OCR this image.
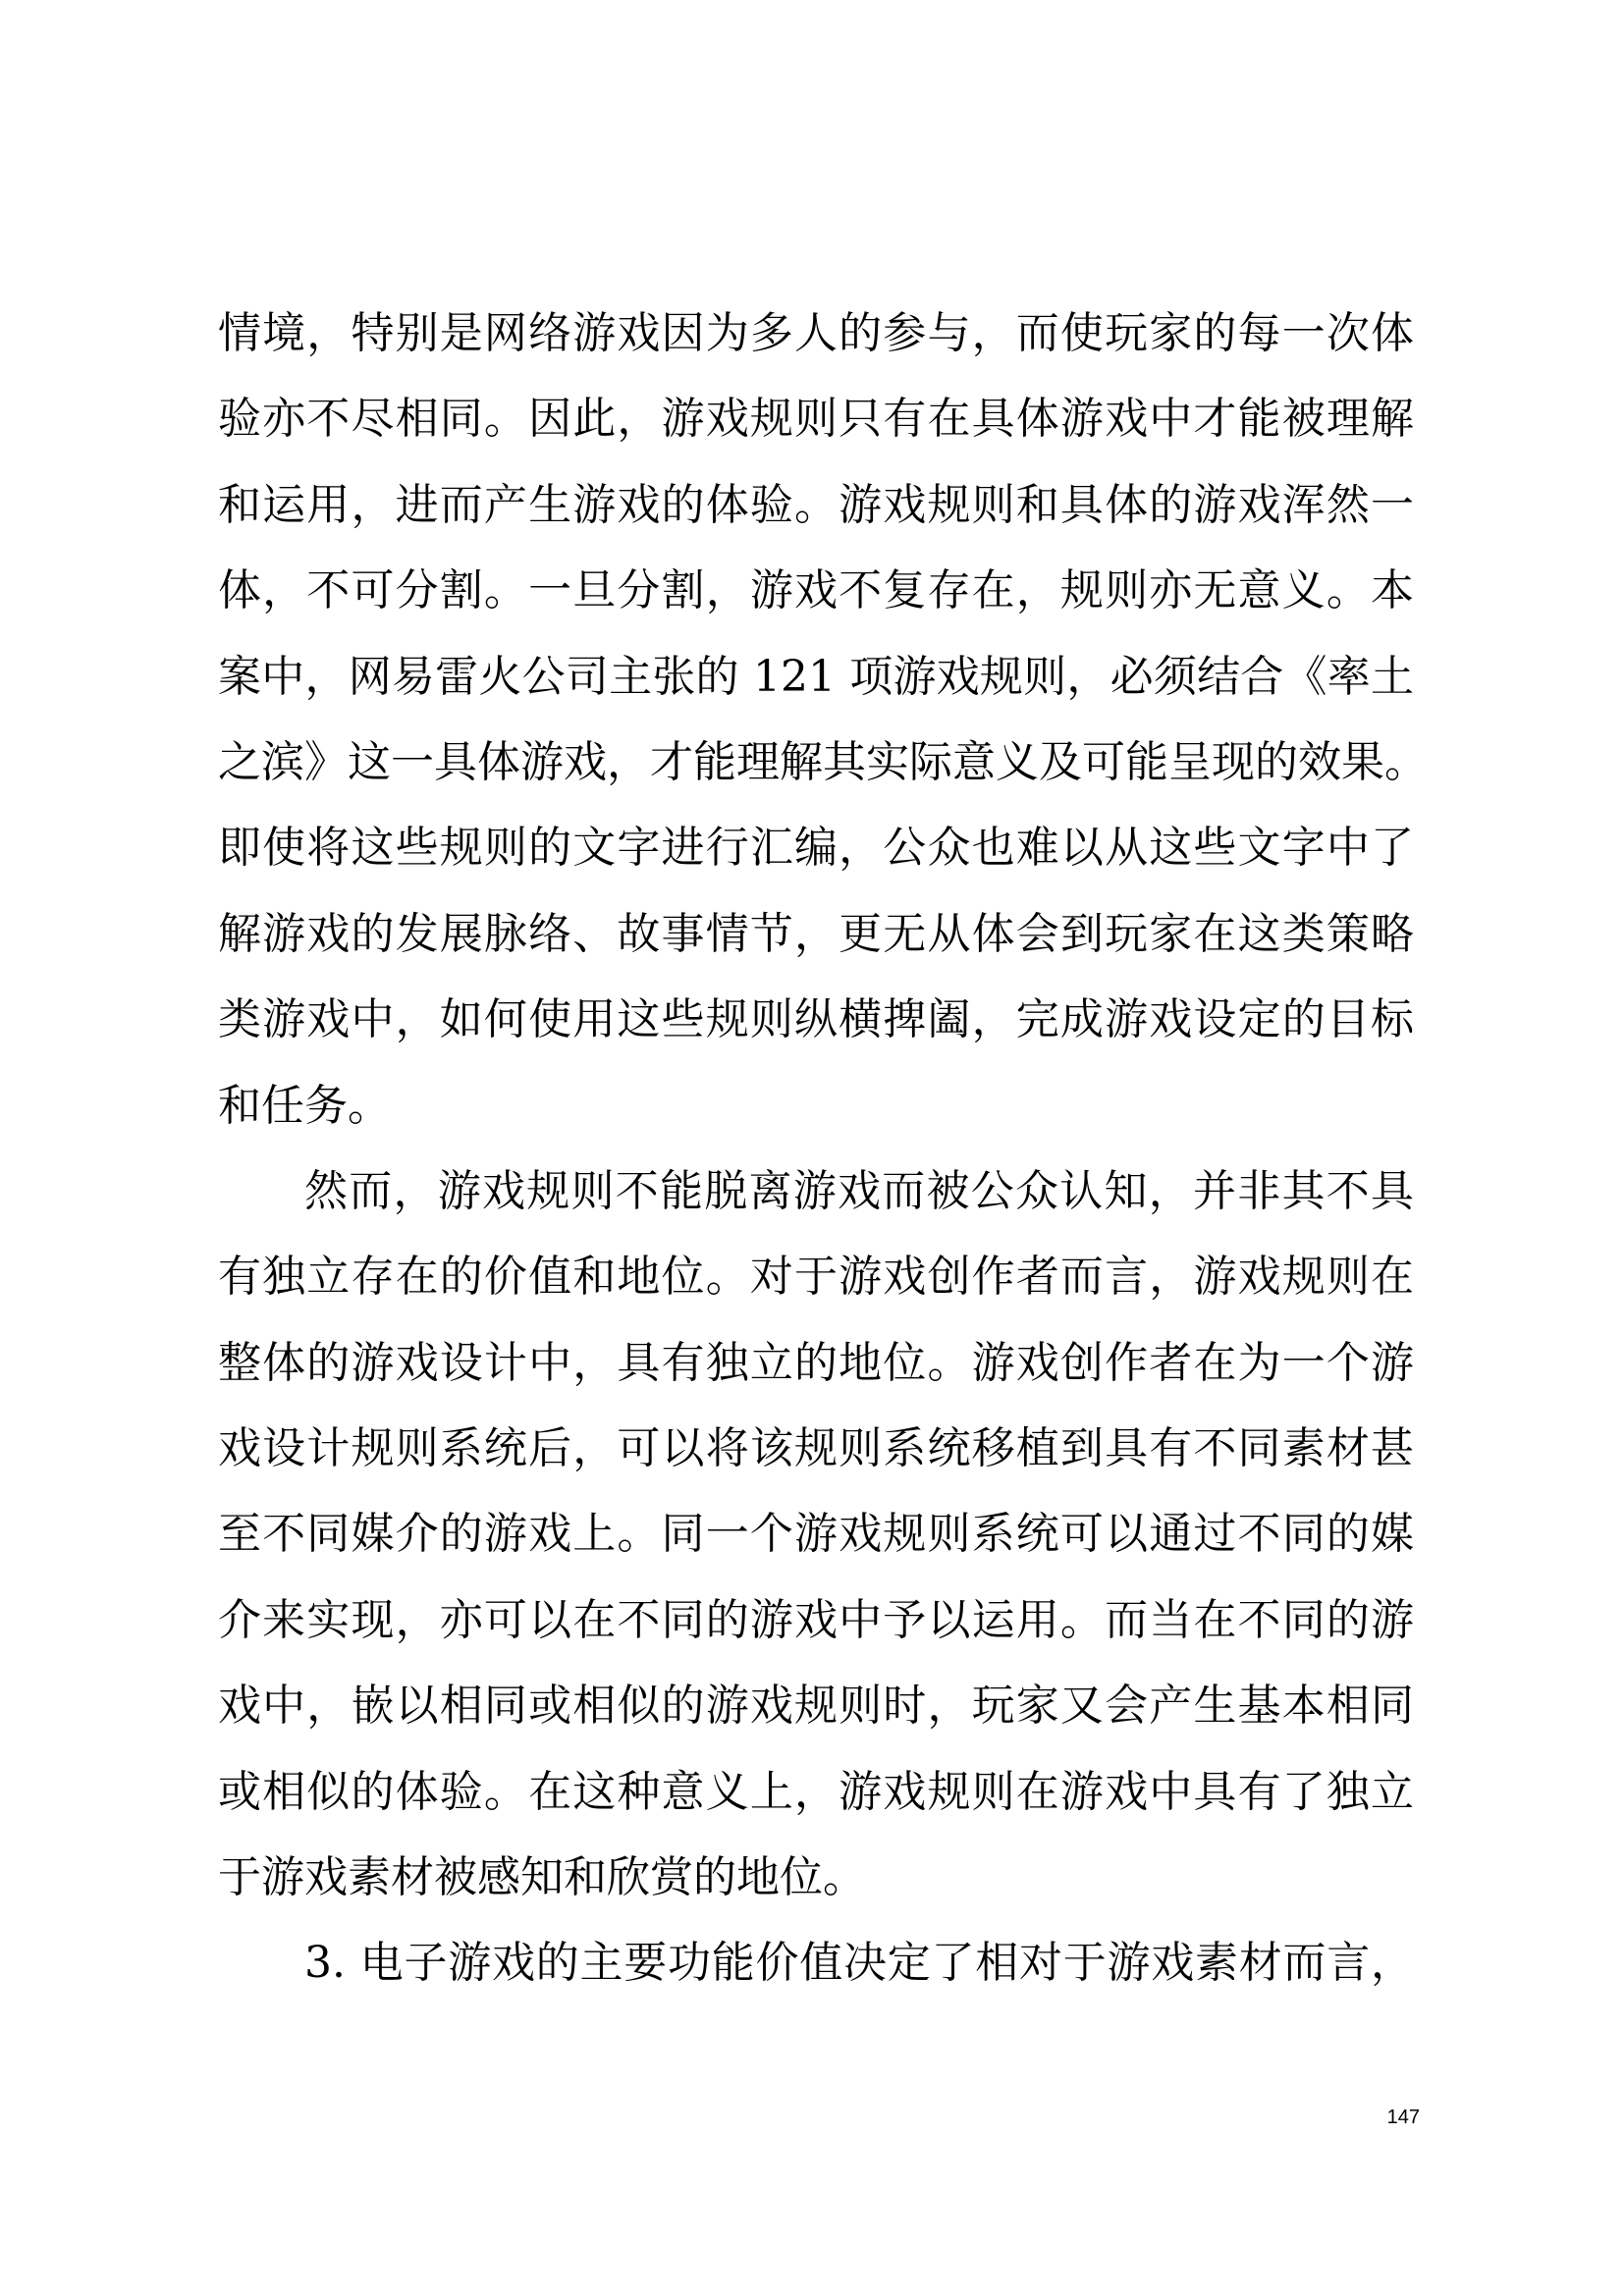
情境，特别是网络游戏因为多人的参与，而使玩家的每一次体
验亦不尽相同。因此，游戏规则只有在具体游戏中才能被理解
和运用，进而产生游戏的体验。游戏规则和具体的游戏浑然一
体，不可分割。一旦分割，游戏不复存在，规则亦无意义。本
案中，网易雷火公司主张的 121 项游戏规则，必须结合《率土
之滨》这一具体游戏，才能理解其实际意义及可能呈现的效果。
即使将这些规则的文字进行汇编，公众也难以从这些文字中了
解游戏的发展脉络、故事情节，更无从体会到玩家在这类策略
类游戏中，如何使用这些规则纵横捭阖，完成游戏设定的目标
和任务。
然而，游戏规则不能脱离游戏而被公众认知，并非其不具
有独立存在的价值和地位。对于游戏创作者而言，游戏规则在
整体的游戏设计中，具有独立的地位。游戏创作者在为一个游
戏设计规则系统后，可以将该规则系统移植到具有不同素材甚
至不同媒介的游戏上。同一个游戏规则系统可以通过不同的媒
介来实现，亦可以在不同的游戏中予以运用。而当在不同的游
戏中，嵌以相同或相似的游戏规则时，玩家又会产生基本相同
或相似的体验。在这种意义上，游戏规则在游戏中具有了独立
于游戏素材被感知和欣赏的地位。
3. 电子游戏的主要功能价值决定了相对于游戏素材而言，
147
